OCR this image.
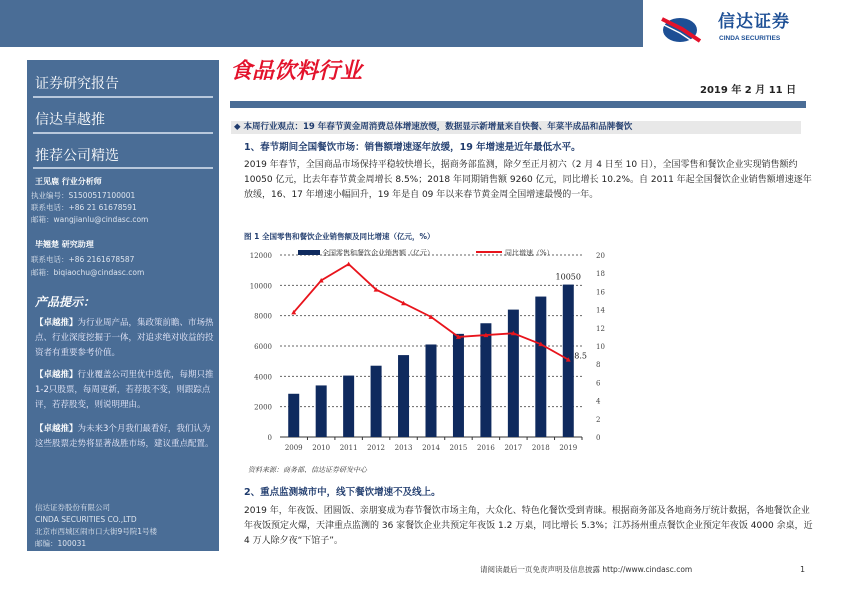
信达证券
CINDA SECURITIES
证券研究报告
信达卓越推
推荐公司精选
王见鹿 行业分析师
执业编号：S1500517100001
联系电话：+86 21 61678591
邮箱：wangjianlu@cindasc.com
毕翘楚 研究助理
联系电话：+86 2161678587
邮箱：biqiaochu@cindasc.com
产品提示：
【卓越推】为行业周产品，集政策前瞻、市场热点、行业深度挖掘于一体，对追求绝对收益的投资者有重要参考价值。
【卓越推】行业覆盖公司里优中选优，每期只推1-2只股票，每周更新，若荐股不变，则跟踪点评，若荐股变，则说明理由。
【卓越推】为未来3个月我们最看好，我们认为这些股票走势将显著战胜市场，建议重点配置。
信达证券股份有限公司
CINDA SECURITIES CO.,LTD
北京市西城区闹市口大街9号院1号楼
邮编：100031
食品饮料行业
2019 年 2 月 11 日
◆ 本周行业观点：19 年春节黄金周消费总体增速放慢，数据显示新增量来自快餐、年菜半成品和品牌餐饮
1、春节期间全国餐饮市场：销售额增速逐年放缓，19 年增速是近年最低水平。
2019 年春节，全国商品市场保持平稳较快增长，据商务部监测，除夕至正月初六（2 月 4 日至 10 日），全国零售和餐饮企业实现销售额约 10050 亿元，比去年春节黄金周增长 8.5%；2018 年同期销售额 9260 亿元，同比增长 10.2%。自 2011 年起全国餐饮企业销售额增速逐年放缓，16、17 年增速小幅回升，19 年是自 09 年以来春节黄金周全国增速最慢的一年。
图 1 全国零售和餐饮企业销售额及同比增速（亿元，%）
0
2000
4000
6000
8000
10000
12000
0
2
4
6
8
10
12
14
16
18
20
2009 2010 2011 2012 2013 2014 2015 2016 2017 2018 2019
10050
8.5
全国零售和餐饮企业销售额（亿元）	同比增速（%）
资料来源：商务部、信达证券研发中心
2、重点监测城市中，线下餐饮增速不及线上。
2019 年，年夜饭、团圆饭、亲朋宴成为春节餐饮市场主角，大众化、特色化餐饮受到青睐。根据商务部及各地商务厅统计数据，各地餐饮企业年夜饭预定火爆，天津重点监测的 36 家餐饮企业共预定年夜饭 1.2 万桌，同比增长 5.3%；江苏扬州重点餐饮企业预定年夜饭 4000 余桌，近 4 万人除夕夜“下馆子”。
请阅读最后一页免责声明及信息披露 http://www.cindasc.com	1
